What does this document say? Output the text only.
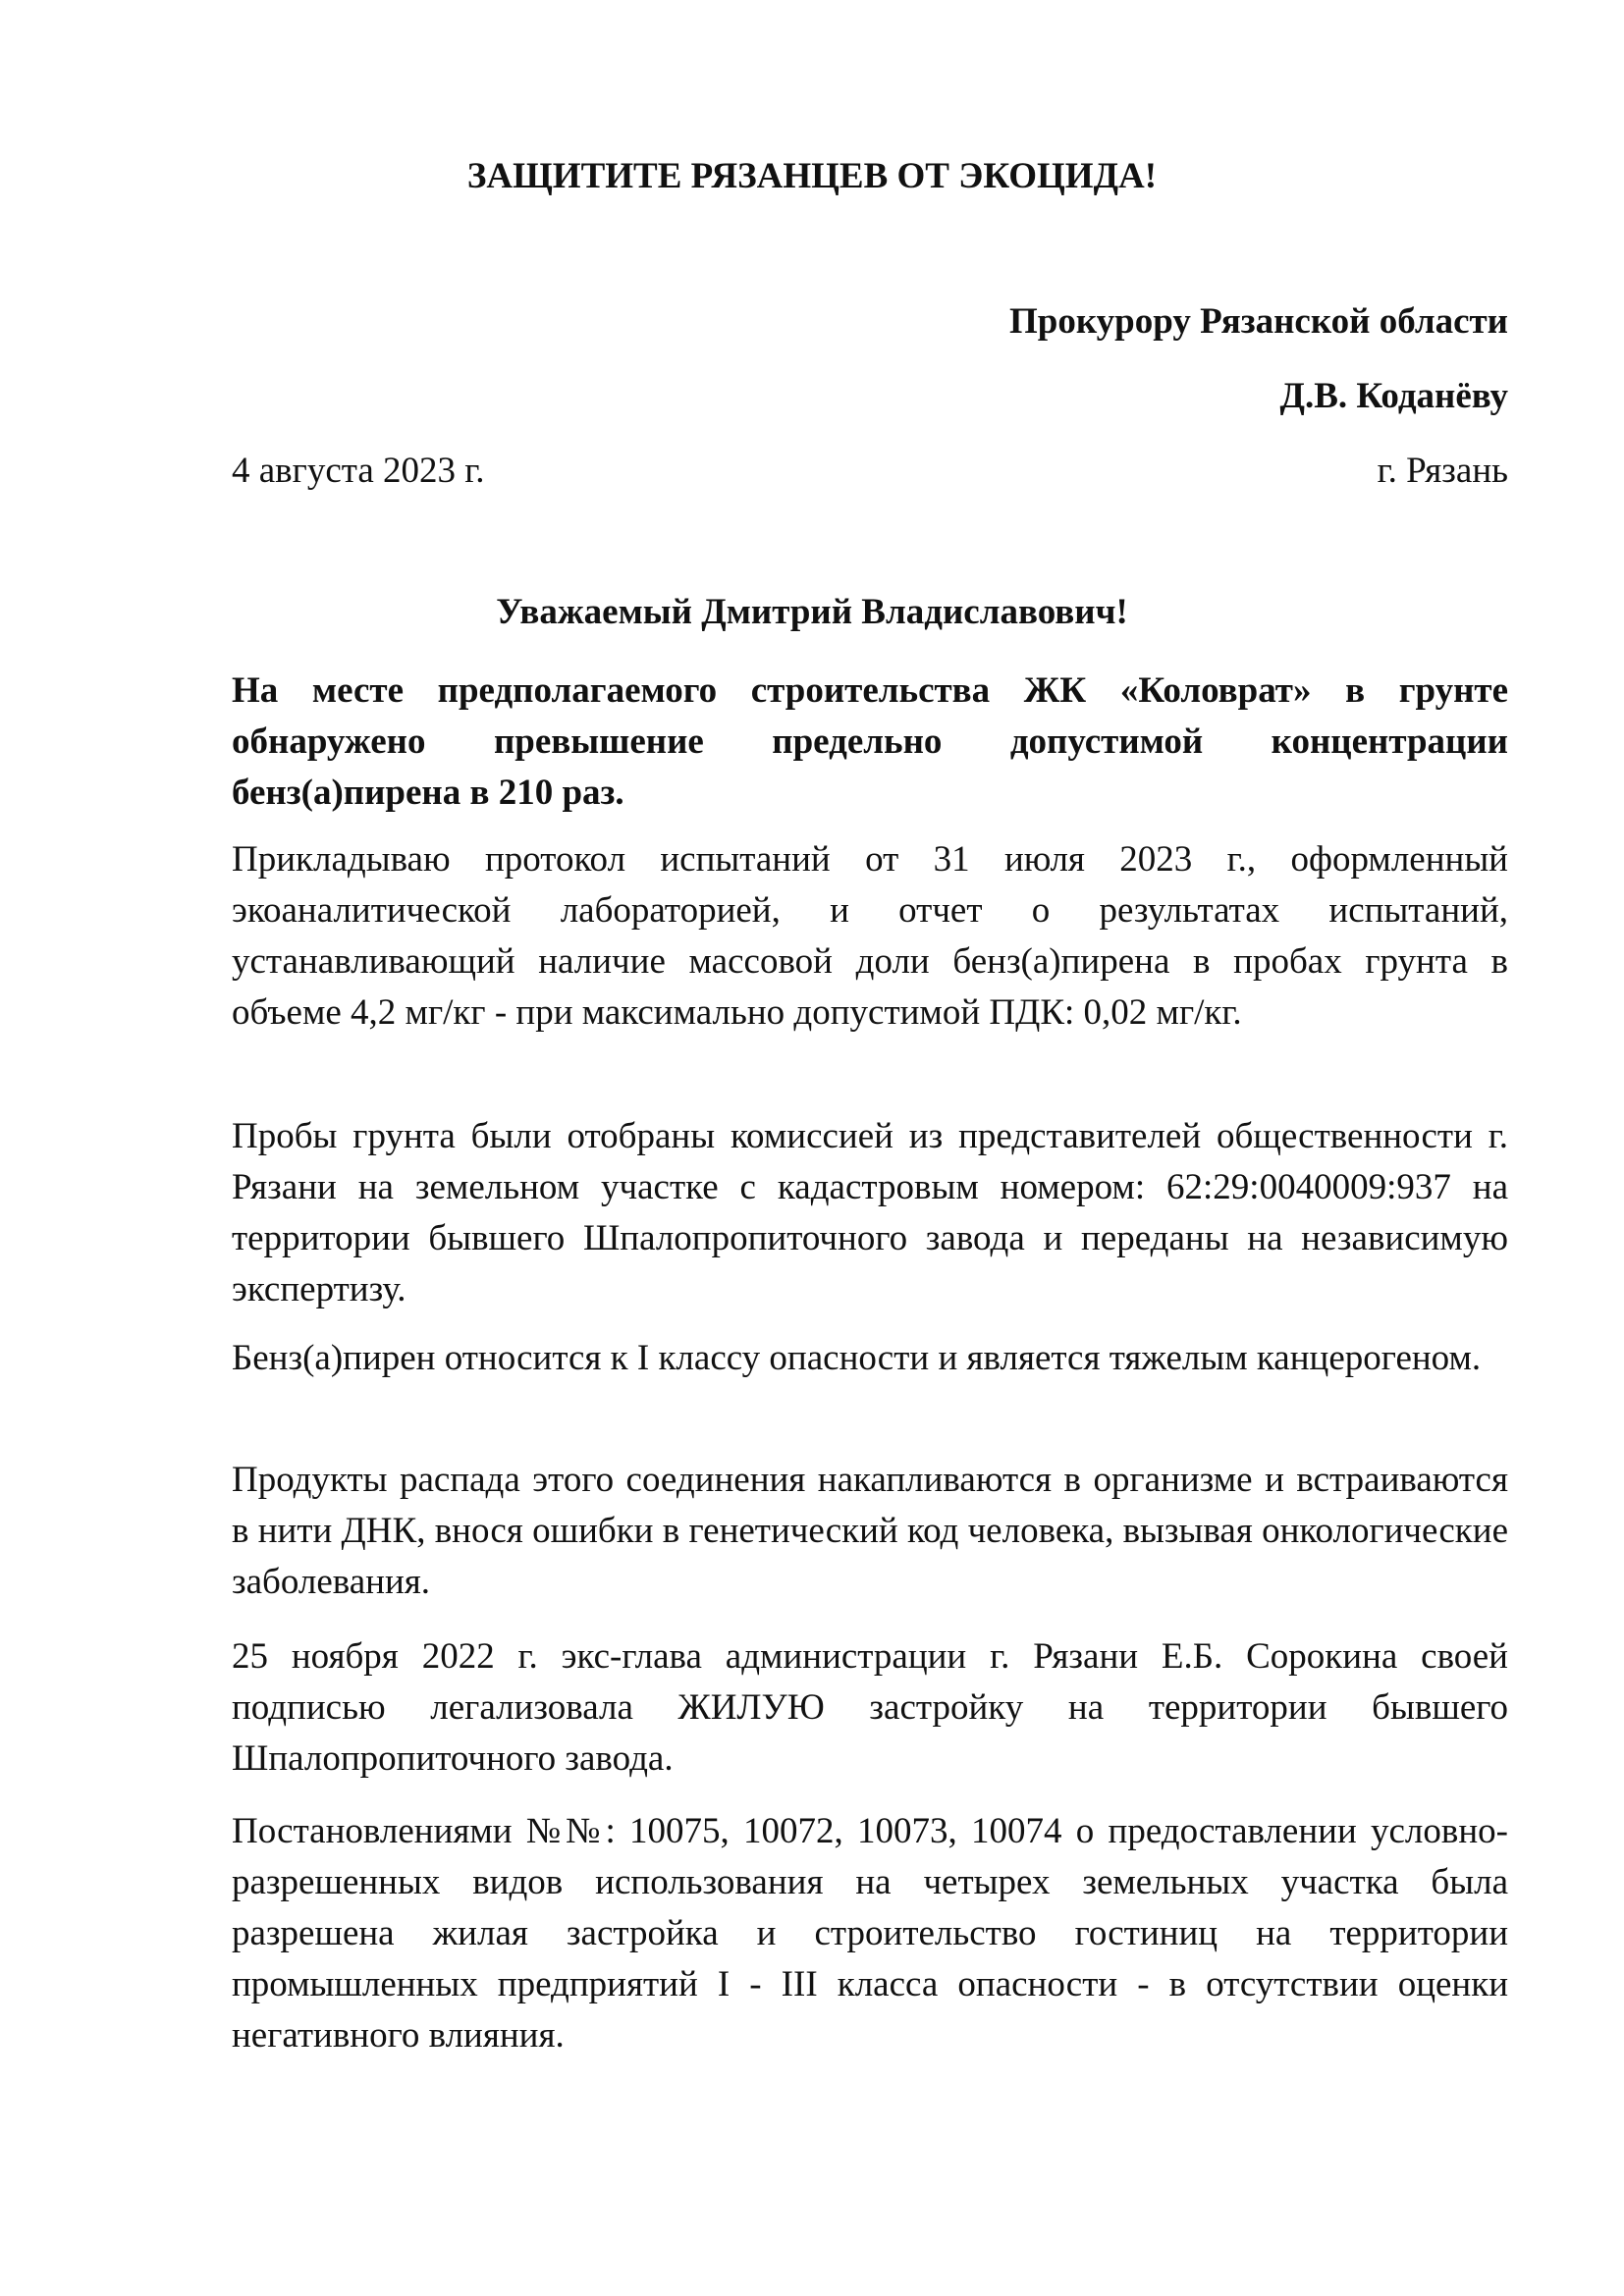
ЗАЩИТИТЕ РЯЗАНЦЕВ ОТ ЭКОЦИДА!
Прокурору Рязанской области
Д.В. Коданёву
4 августа 2023 г.	г. Рязань
Уважаемый Дмитрий Владиславович!

На месте предполагаемого строительства ЖК «Коловрат» в грунте обнаружено превышение предельно допустимой концентрации бенз(а)пирена в 210 раз.

Прикладываю протокол испытаний от 31 июля 2023 г., оформленный экоаналитической лабораторией, и отчет о результатах испытаний, устанавливающий наличие массовой доли бенз(а)пирена в пробах грунта в объеме 4,2 мг/кг - при максимально допустимой ПДК: 0,02 мг/кг.

Пробы грунта были отобраны комиссией из представителей общественности г. Рязани на земельном участке с кадастровым номером: 62:29:0040009:937 на территории бывшего Шпалопропиточного завода и переданы на независимую экспертизу.

Бенз(а)пирен относится к I классу опасности и является тяжелым канцерогеном.

Продукты распада этого соединения накапливаются в организме и встраиваются в нити ДНК, внося ошибки в генетический код человека, вызывая онкологические заболевания.

25 ноября 2022 г. экс-глава администрации г. Рязани Е.Б. Сорокина своей подписью легализовала ЖИЛУЮ застройку на территории бывшего Шпалопропиточного завода.

Постановлениями №№: 10075, 10072, 10073, 10074 о предоставлении условно-разрешенных видов использования на четырех земельных участка была разрешена жилая застройка и строительство гостиниц на территории промышленных предприятий I - III класса опасности - в отсутствии оценки негативного влияния.
